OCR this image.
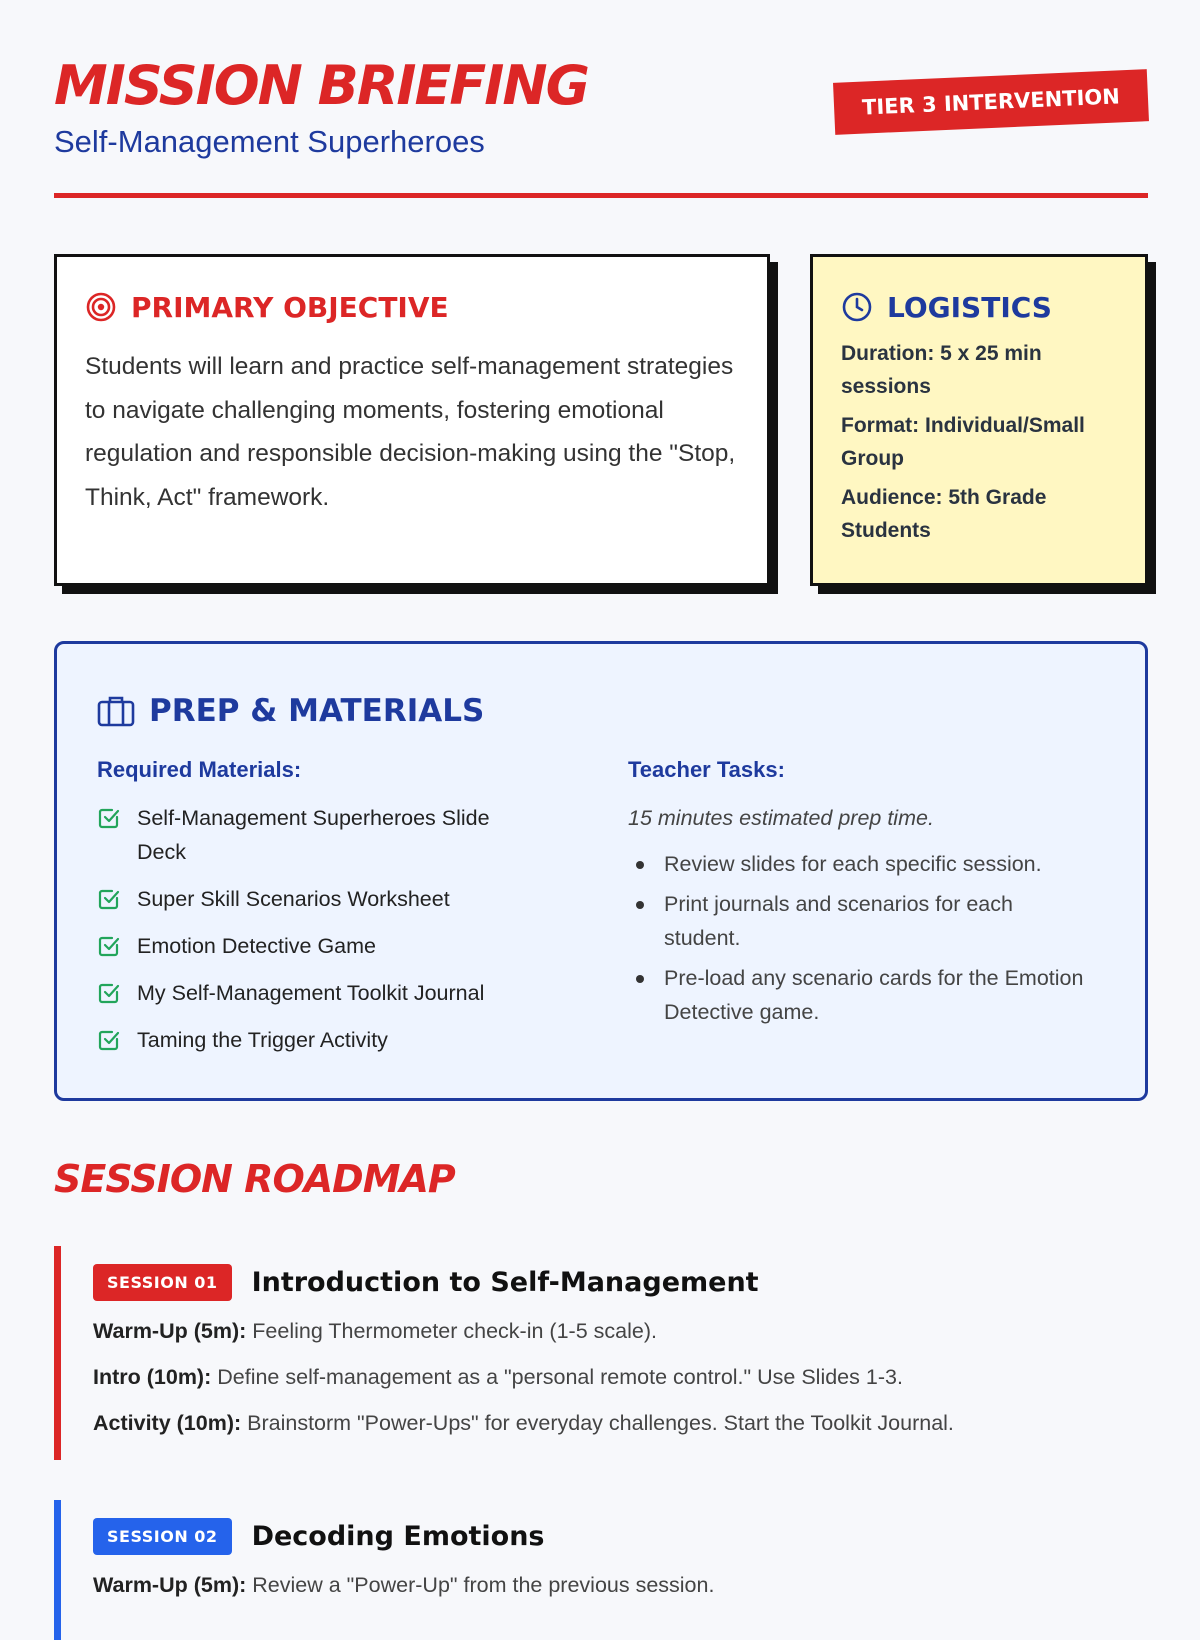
MISSION BRIEFING
Self-Management Superheroes
TIER 3 INTERVENTION
PRIMARY OBJECTIVE
Students will learn and practice self-management strategies to navigate challenging moments, fostering emotional regulation and responsible decision-making using the "Stop, Think, Act" framework.
LOGISTICS

Duration: 5 x 25 min sessions

Format: Individual/Small Group

Audience: 5th Grade Students

PREP & MATERIALS
Required Materials:
Self-Management Superheroes Slide Deck
Super Skill Scenarios Worksheet
Emotion Detective Game
My Self-Management Toolkit Journal
Taming the Trigger Activity
Teacher Tasks:
15 minutes estimated prep time.
Review slides for each specific session.
Print journals and scenarios for each student.
Pre-load any scenario cards for the Emotion Detective game.
SESSION ROADMAP
SESSION 01	Introduction to Self-Management
Warm-Up (5m): Feeling Thermometer check-in (1-5 scale).
Intro (10m): Define self-management as a "personal remote control." Use Slides 1-3.
Activity (10m): Brainstorm "Power-Ups" for everyday challenges. Start the Toolkit Journal.
SESSION 02	Decoding Emotions
Warm-Up (5m): Review a "Power-Up" from the previous session.
